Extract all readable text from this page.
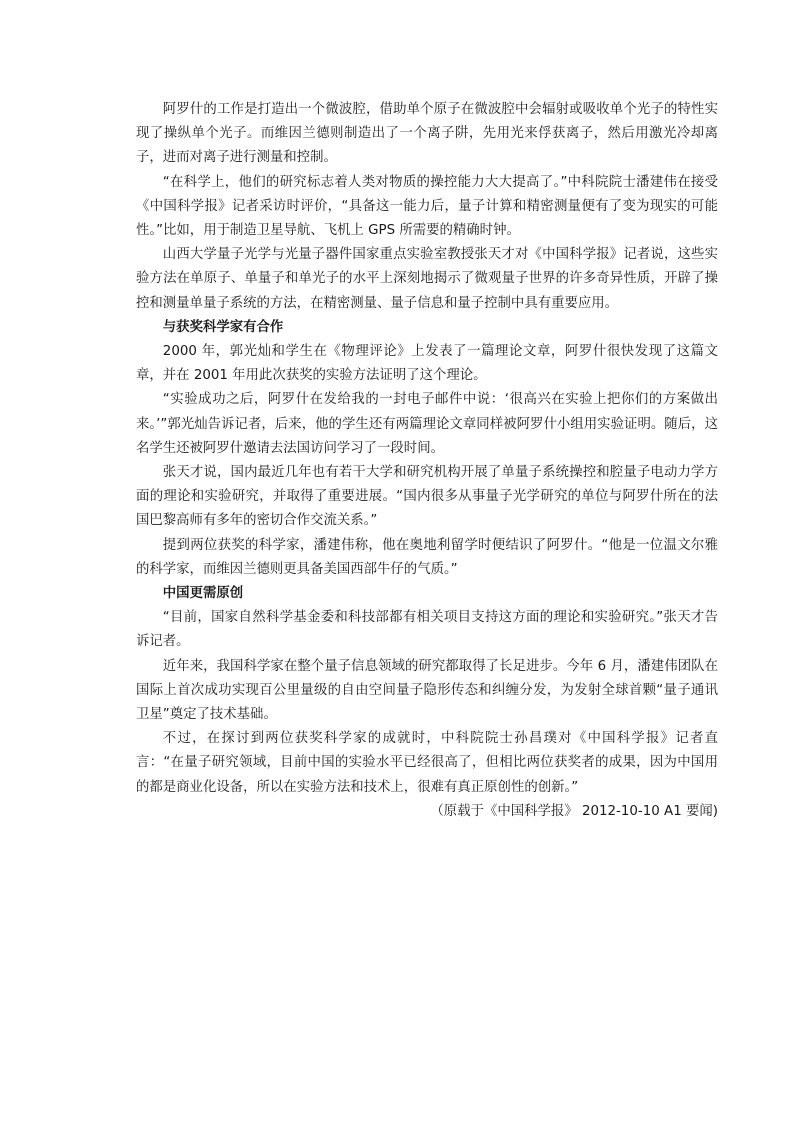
阿罗什的工作是打造出一个微波腔，借助单个原子在微波腔中会辐射或吸收单个光子的特性实现了操纵单个光子。而维因兰德则制造出了一个离子阱，先用光来俘获离子，然后用激光冷却离子，进而对离子进行测量和控制。

“在科学上，他们的研究标志着人类对物质的操控能力大大提高了。”中科院院士潘建伟在接受《中国科学报》记者采访时评价，“具备这一能力后，量子计算和精密测量便有了变为现实的可能性。”比如，用于制造卫星导航、飞机上 GPS 所需要的精确时钟。

山西大学量子光学与光量子器件国家重点实验室教授张天才对《中国科学报》记者说，这些实验方法在单原子、单量子和单光子的水平上深刻地揭示了微观量子世界的许多奇异性质，开辟了操控和测量单量子系统的方法，在精密测量、量子信息和量子控制中具有重要应用。

与获奖科学家有合作

2000 年，郭光灿和学生在《物理评论》上发表了一篇理论文章，阿罗什很快发现了这篇文章，并在 2001 年用此次获奖的实验方法证明了这个理论。

“实验成功之后，阿罗什在发给我的一封电子邮件中说：‘很高兴在实验上把你们的方案做出来。’”郭光灿告诉记者，后来，他的学生还有两篇理论文章同样被阿罗什小组用实验证明。随后，这名学生还被阿罗什邀请去法国访问学习了一段时间。

张天才说，国内最近几年也有若干大学和研究机构开展了单量子系统操控和腔量子电动力学方面的理论和实验研究，并取得了重要进展。“国内很多从事量子光学研究的单位与阿罗什所在的法国巴黎高师有多年的密切合作交流关系。”

提到两位获奖的科学家，潘建伟称，他在奥地利留学时便结识了阿罗什。“他是一位温文尔雅的科学家，而维因兰德则更具备美国西部牛仔的气质。”

中国更需原创

“目前，国家自然科学基金委和科技部都有相关项目支持这方面的理论和实验研究。”张天才告诉记者。

近年来，我国科学家在整个量子信息领域的研究都取得了长足进步。今年 6 月，潘建伟团队在国际上首次成功实现百公里量级的自由空间量子隐形传态和纠缠分发，为发射全球首颗“量子通讯卫星”奠定了技术基础。

不过，在探讨到两位获奖科学家的成就时，中科院院士孙昌璞对《中国科学报》记者直言：“在量子研究领域，目前中国的实验水平已经很高了，但相比两位获奖者的成果，因为中国用的都是商业化设备，所以在实验方法和技术上，很难有真正原创性的创新。”

（原载于《中国科学报》 2012-10-10 A1 要闻)
